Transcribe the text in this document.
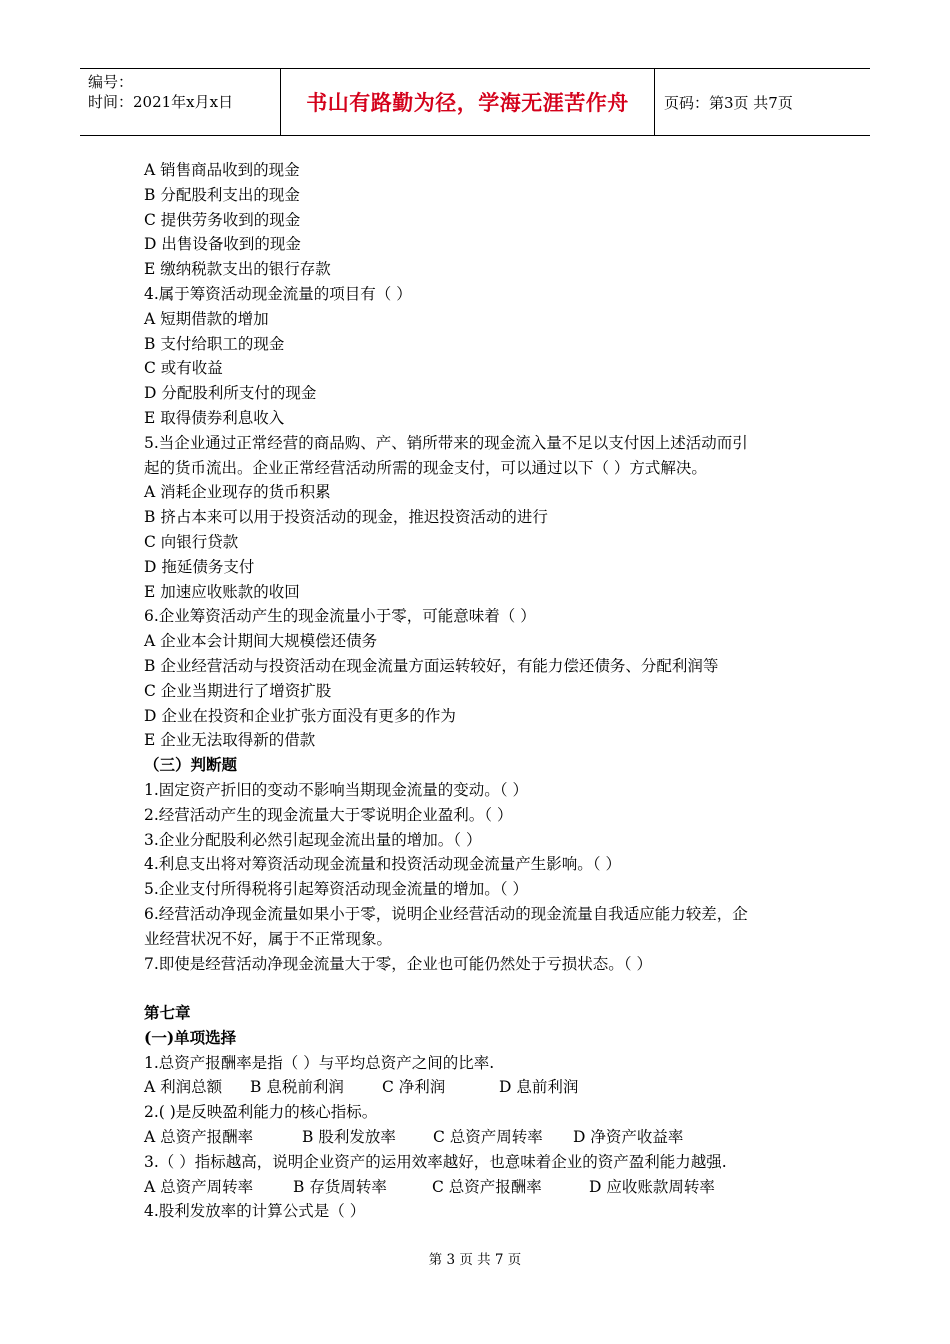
编号：
时间：2021年x月x日	书山有路勤为径，学海无涯苦作舟 页码：第3页 共7页
A 销售商品收到的现金
B 分配股利支出的现金
C 提供劳务收到的现金
D 出售设备收到的现金
E 缴纳税款支出的银行存款
4.属于筹资活动现金流量的项目有（ ）
A 短期借款的增加
B 支付给职工的现金
C 或有收益
D 分配股利所支付的现金
E 取得债券利息收入
5.当企业通过正常经营的商品购、产、销所带来的现金流入量不足以支付因上述活动而引
起的货币流出。企业正常经营活动所需的现金支付，可以通过以下（ ）方式解决。
A 消耗企业现存的货币积累
B 挤占本来可以用于投资活动的现金，推迟投资活动的进行
C 向银行贷款
D 拖延债务支付
E 加速应收账款的收回
6.企业筹资活动产生的现金流量小于零，可能意味着（ ）
A 企业本会计期间大规模偿还债务
B 企业经营活动与投资活动在现金流量方面运转较好，有能力偿还债务、分配利润等
C 企业当期进行了增资扩股
D 企业在投资和企业扩张方面没有更多的作为
E 企业无法取得新的借款
（三）判断题
1.固定资产折旧的变动不影响当期现金流量的变动。（ ）
2.经营活动产生的现金流量大于零说明企业盈利。（ ）
3.企业分配股利必然引起现金流出量的增加。（ ）
4.利息支出将对筹资活动现金流量和投资活动现金流量产生影响。（ ）
5.企业支付所得税将引起筹资活动现金流量的增加。（ ）
6.经营活动净现金流量如果小于零，说明企业经营活动的现金流量自我适应能力较差，企
业经营状况不好，属于不正常现象。
7.即使是经营活动净现金流量大于零，企业也可能仍然处于亏损状态。（ ）
第七章
(一)单项选择
1.总资产报酬率是指（ ）与平均总资产之间的比率.
A 利润总额	B 息税前利润	C 净利润	D 息前利润
2.( )是反映盈利能力的核心指标。
A 总资产报酬率	B 股利发放率	C 总资产周转率	D 净资产收益率
3.（ ）指标越高，说明企业资产的运用效率越好，也意味着企业的资产盈利能力越强.
A 总资产周转率	B 存货周转率	C 总资产报酬率	D 应收账款周转率
4.股利发放率的计算公式是（ ）
第 3 页 共 7 页
